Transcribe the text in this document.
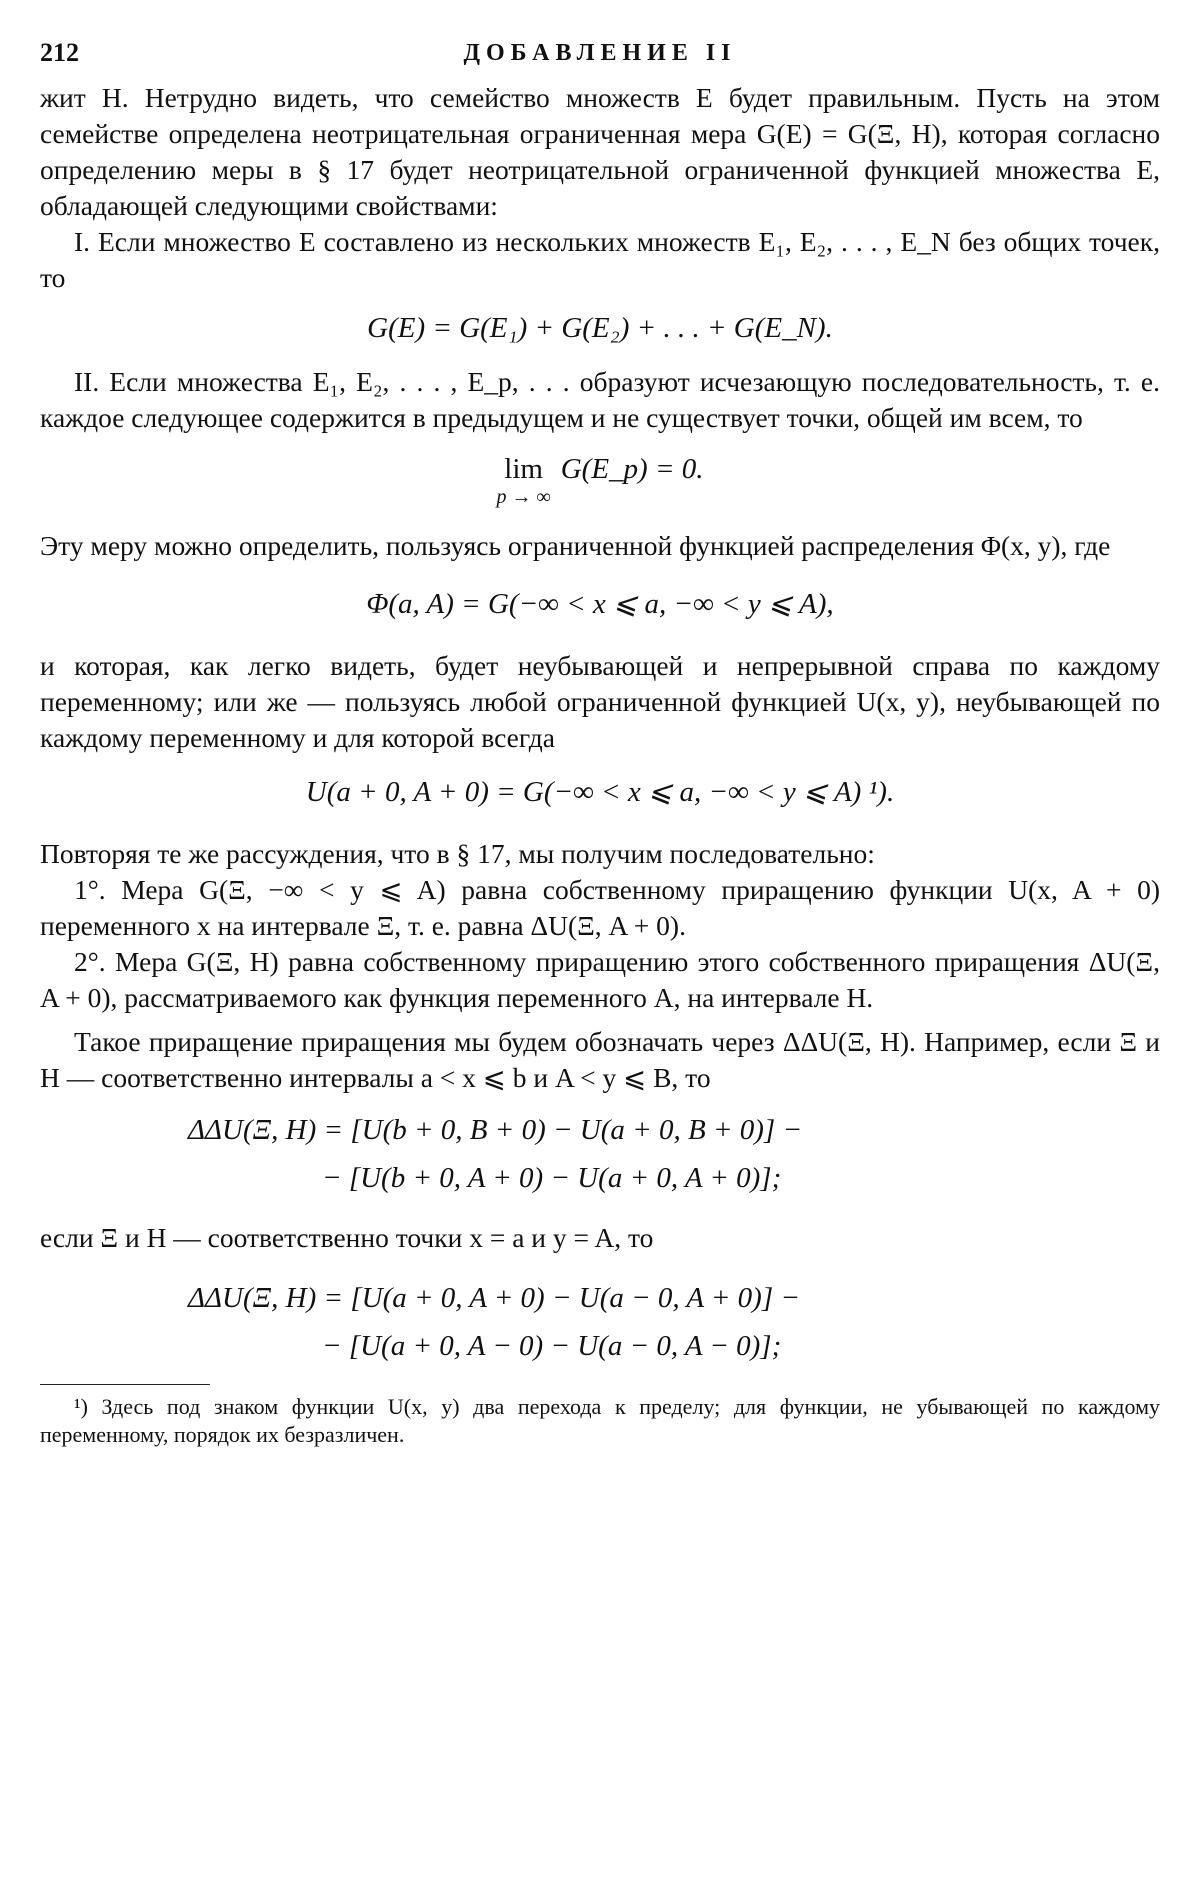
212	ДОБАВЛЕНИЕ II

жит Н. Нетрудно видеть, что семейство множеств E будет правильным. Пусть на этом семействе определена неотрицательная ограниченная мера G(E) = G(Ξ, Н), которая согласно определению меры в § 17 будет неотрицательной ограниченной функцией множества E, обладающей следующими свойствами:

I. Если множество E составлено из нескольких множеств E₁, E₂, . . . , E_N без общих точек, то

G(E) = G(E₁) + G(E₂) + . . . + G(E_N).

II. Если множества E₁, E₂, . . . , E_p, . . . образуют исчезающую последовательность, т. е. каждое следующее содержится в предыдущем и не существует точки, общей им всем, то

lim
p → ∞
G(E_p) = 0.

Эту меру можно определить, пользуясь ограниченной функцией распределения Φ(x, y), где

Φ(a, A) = G(−∞ < x ⩽ a, −∞ < y ⩽ A),

и которая, как легко видеть, будет неубывающей и непрерывной справа по каждому переменному; или же — пользуясь любой ограниченной функцией U(x, y), неубывающей по каждому переменному и для которой всегда

U(a + 0, A + 0) = G(−∞ < x ⩽ a, −∞ < y ⩽ A) ¹).

Повторяя те же рассуждения, что в § 17, мы получим последовательно:

1°. Мера G(Ξ, −∞ < y ⩽ A) равна собственному приращению функции U(x, A + 0) переменного x на интервале Ξ, т. е. равна ΔU(Ξ, A + 0).

2°. Мера G(Ξ, Н) равна собственному приращению этого собственного приращения ΔU(Ξ, A + 0), рассматриваемого как функция переменного A, на интервале Н.

Такое приращение приращения мы будем обозначать через ΔΔU(Ξ, Н). Например, если Ξ и Н — соответственно интервалы a < x ⩽ b и A < y ⩽ B, то

ΔΔU(Ξ, Н) = [U(b + 0, B + 0) − U(a + 0, B + 0)] −
− [U(b + 0, A + 0) − U(a + 0, A + 0)];

если Ξ и Н — соответственно точки x = a и y = A, то

ΔΔU(Ξ, Н) = [U(a + 0, A + 0) − U(a − 0, A + 0)] −
− [U(a + 0, A − 0) − U(a − 0, A − 0)];

¹) Здесь под знаком функции U(x, y) два перехода к пределу; для функции, не убывающей по каждому переменному, порядок их безразличен.
